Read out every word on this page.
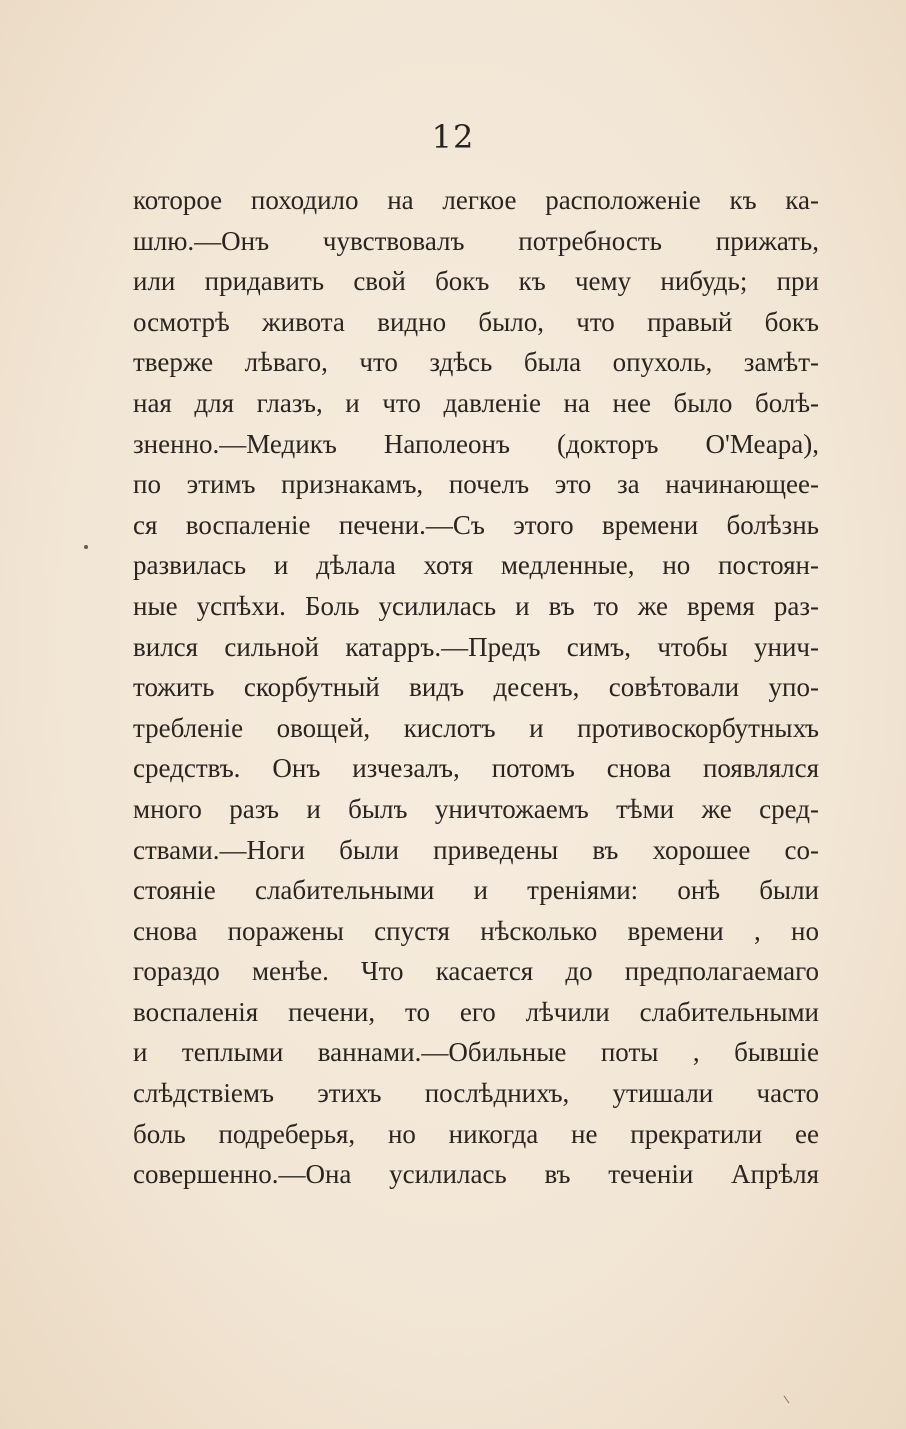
12
которое походило на легкое расположенie къ ка-
шлю.—Онъ чувствовалъ потребность прижать,
или придавить свой бокъ къ чему нибудь; при
осмотрѣ живота видно было, что правый бокъ
тверже лѣваго, что здѣсь была опухоль, замѣт-
ная для глазъ, и что давленie на нее было болѣ-
зненно.—Медикъ Наполеонъ (докторъ О'Меара),
по этимъ признакамъ, почелъ это за начинающее-
ся воспаленie печени.—Съ этого времени болѣзнь
развилась и дѣлала хотя медленные, но постоян-
ные успѣхи. Боль усилилась и въ то же время раз-
вился сильной катарръ.—Предъ симъ, чтобы унич-
тожить скорбутный видъ десенъ, совѣтовали упо-
требленie овощей, кислотъ и противоскорбутныхъ
средствъ. Онъ изчезалъ, потомъ снова появлялся
много разъ и былъ уничтожаемъ тѣми же сред-
ствами.—Ноги были приведены въ хорошее со-
стоянie слабительными и тренiями: онѣ были
снова поражены спустя нѣсколько времени , но
гораздо менѣе. Что касается до предполагаемаго
воспаленiя печени, то его лѣчили слабительными
и теплыми ваннами.—Обильные поты , бывшie
слѣдствieмъ этихъ послѣднихъ, утишали часто
боль подреберья, но никогда не прекратили ее
совершенно.—Она усилилась въ теченiи Апрѣля
